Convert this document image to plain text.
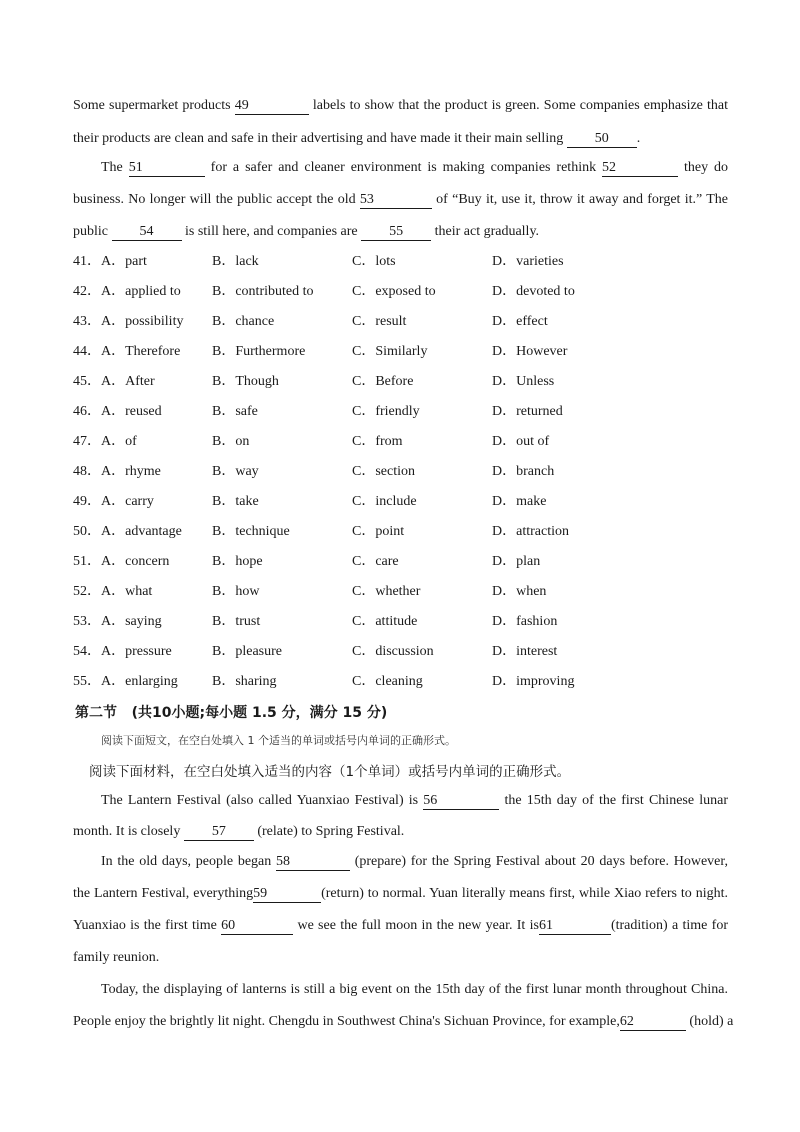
Some supermarket products 49	labels to show that the product is green. Some companies emphasize that
their products are clean and safe in their advertising and have made it their main selling 50 .
The 51	for a safer and cleaner environment is making companies rethink 52	they do
business. No longer will the public accept the old 53	of “Buy it, use it, throw it away and forget it.” The
public 54 is still here, and companies are 55 their act gradually.
41．A．part	B．lack	C．lots	D．varieties
42．A．applied to B．contributed to	C．exposed to	D．devoted to
43．A．possibility B．chance	C．result	D．effect
44．A．Therefore B．Furthermore	C．Similarly	D．However
45．A．After	B．Though	C．Before	D．Unless
46．A．reused	B．safe	C．friendly	D．returned
47．A．of	B．on	C．from	D．out of
48．A．rhyme	B．way	C．section	D．branch
49．A．carry	B．take	C．include	D．make
50．A．advantage B．technique	C．point	D．attraction
51．A．concern	B．hope	C．care	D．plan
52．A．what	B．how	C．whether	D．when
53．A．saying	B．trust	C．attitude	D．fashion
54．A．pressure	B．pleasure	C．discussion	D．interest
55．A．enlarging B．sharing	C．cleaning	D．improving
第二节 (共10小题;每小题 1.5 分，满分 15 分)
阅读下面短文，在空白处填入 1 个适当的单词或括号内单词的正确形式。
阅读下面材料，在空白处填入适当的内容（1个单词）或括号内单词的正确形式。
The Lantern Festival (also called Yuanxiao Festival) is 56	the 15th day of the first Chinese lunar
month. It is closely 57 (relate) to Spring Festival.
In the old days, people began 58	(prepare) for the Spring Festival about 20 days before. However,
the Lantern Festival, everything59	(return) to normal. Yuan literally means first, while Xiao refers to night.
Yuanxiao is the first time 60	we see the full moon in the new year. It is61	(tradition) a time for
family reunion.
Today, the displaying of lanterns is still a big event on the 15th day of the first lunar month throughout China.
People enjoy the brightly lit night. Chengdu in Southwest China's Sichuan Province, for example,62	(hold) a
